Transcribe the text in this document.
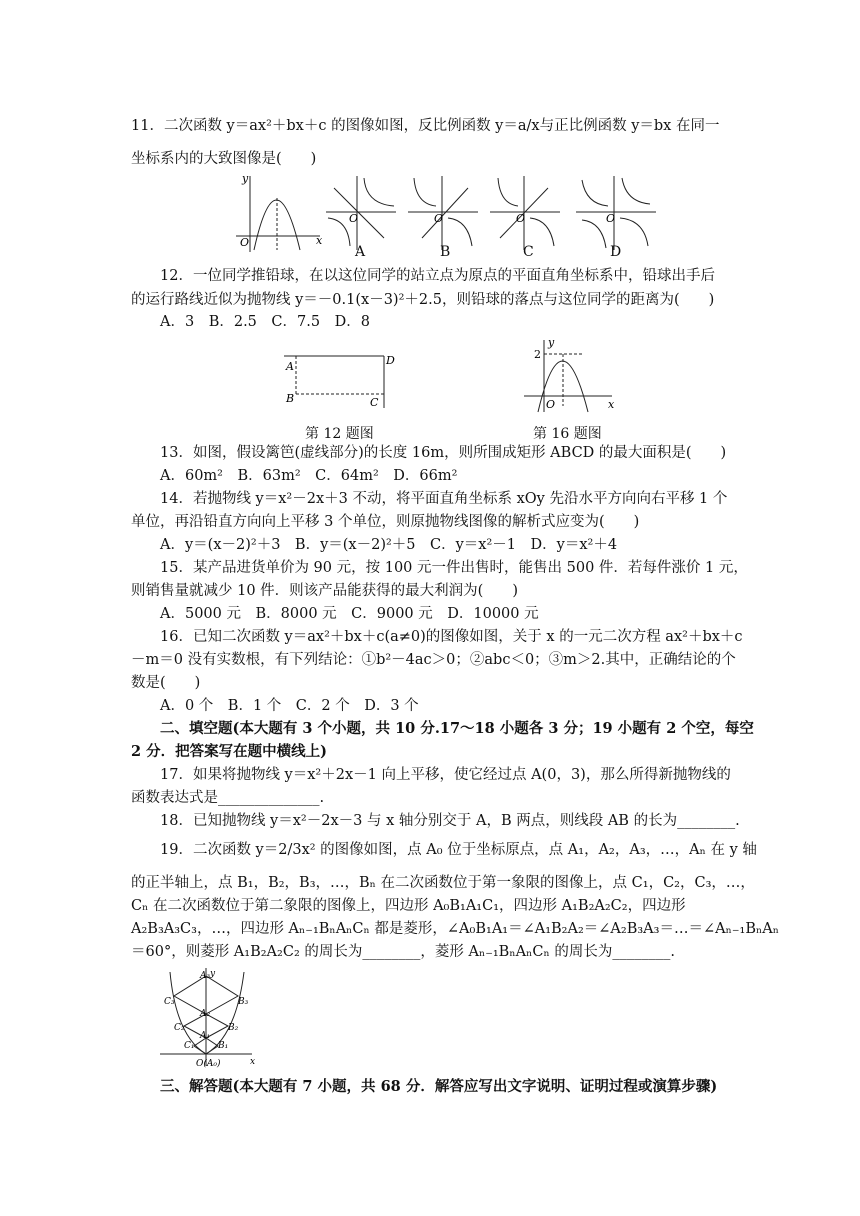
11．二次函数 y＝ax²＋bx＋c 的图像如图，反比例函数 y＝a/x与正比例函数 y＝bx 在同一
坐标系内的大致图像是(　　)
y
x
O
O	O	O	O
A	B	C	D
12．一位同学推铅球，在以这位同学的站立点为原点的平面直角坐标系中，铅球出手后
的运行路线近似为抛物线 y＝－0.1(x－3)²＋2.5，则铅球的落点与这位同学的距离为(　　)
A．3　B．2.5　C．7.5　D．8
A
B	C
D
y
x
O
2
第 12 题图	第 16 题图
13．如图，假设篱笆(虚线部分)的长度 16m，则所围成矩形 ABCD 的最大面积是(　　)
A．60m²　B．63m²　C．64m²　D．66m²
14．若抛物线 y＝x²－2x＋3 不动，将平面直角坐标系 xOy 先沿水平方向向右平移 1 个
单位，再沿铅直方向向上平移 3 个单位，则原抛物线图像的解析式应变为(　　)
A．y＝(x－2)²＋3　B．y＝(x－2)²＋5　C．y＝x²－1　D．y＝x²＋4
15．某产品进货单价为 90 元，按 100 元一件出售时，能售出 500 件．若每件涨价 1 元，
则销售量就减少 10 件．则该产品能获得的最大利润为(　　)
A．5000 元　B．8000 元　C．9000 元　D．10000 元
16．已知二次函数 y＝ax²＋bx＋c(a≠0)的图像如图，关于 x 的一元二次方程 ax²＋bx＋c
－m＝0 没有实数根，有下列结论：①b²－4ac＞0；②abc＜0；③m＞2.其中，正确结论的个
数是(　　)
A．0 个　B．1 个　C．2 个　D．3 个
二、填空题(本大题有 3 个小题，共 10 分.17～18 小题各 3 分；19 小题有 2 个空，每空
2 分．把答案写在题中横线上)
17．如果将抛物线 y＝x²＋2x－1 向上平移，使它经过点 A(0，3)，那么所得新抛物线的
函数表达式是______________.
18．已知抛物线 y＝x²－2x－3 与 x 轴分别交于 A，B 两点，则线段 AB 的长为________.
19．二次函数 y＝2/3x² 的图像如图，点 A₀ 位于坐标原点，点 A₁，A₂，A₃，…，Aₙ 在 y 轴
的正半轴上，点 B₁，B₂，B₃，…，Bₙ 在二次函数位于第一象限的图像上，点 C₁，C₂，C₃，…，
Cₙ 在二次函数位于第二象限的图像上，四边形 A₀B₁A₁C₁，四边形 A₁B₂A₂C₂，四边形
A₂B₃A₃C₃，…，四边形 Aₙ₋₁BₙAₙCₙ 都是菱形，∠A₀B₁A₁＝∠A₁B₂A₂＝∠A₂B₃A₃＝…＝∠Aₙ₋₁BₙAₙ
＝60°，则菱形 A₁B₂A₂C₂ 的周长为________，菱形 Aₙ₋₁BₙAₙCₙ 的周长为________.
A₃
A₂
A₁
C₃
C₂
C₁
B₃
B₂
B₁
O(A₀)	x
y
三、解答题(本大题有 7 小题，共 68 分．解答应写出文字说明、证明过程或演算步骤)
